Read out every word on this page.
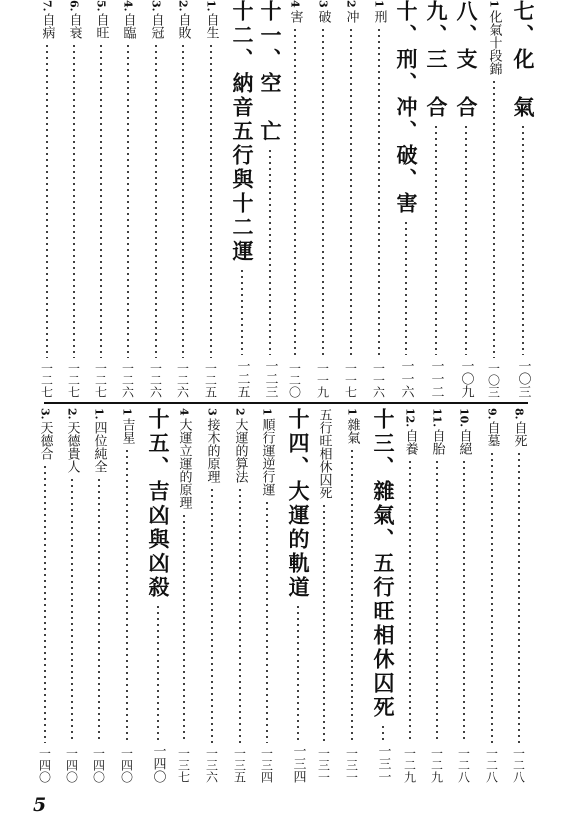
七、化　氣
一〇三
1
化氣十段錦
一〇三
八、支　合
一〇九
九、三　合
一一二
十、刑、冲、破、害
一一六
1
刑
一一六
2
冲
一一七
3
破
一一九
4
害
一二〇
十一、空　亡
一二三
十二、納音五行與十二運
一二五
1.
自生
一二五
2.
自敗
一二六
3.
自冠
一二六
4.
自臨
一二六
5.
自旺
一二七
6.
自衰
一二七
7.
自病
一二七
8.
自死
一二八
9.
自墓
一二八
10.
自絕
一二八
11.
自胎
一二九
12.
自養
一二九
十三、雜氣、五行旺相休囚死
一三一
1
雜氣
一三一
五行旺相休囚死
一三一
十四、大運的軌道
一三四
1
順行運逆行運
一三四
2
大運的算法
一三五
3
接木的原理
一三六
4
大運立運的原理
一三七
十五、吉凶與凶殺
一四〇
1
吉星
一四〇
1.
四位純全
一四〇
2.
天德貴人
一四〇
3.
天德合
一四〇
5
